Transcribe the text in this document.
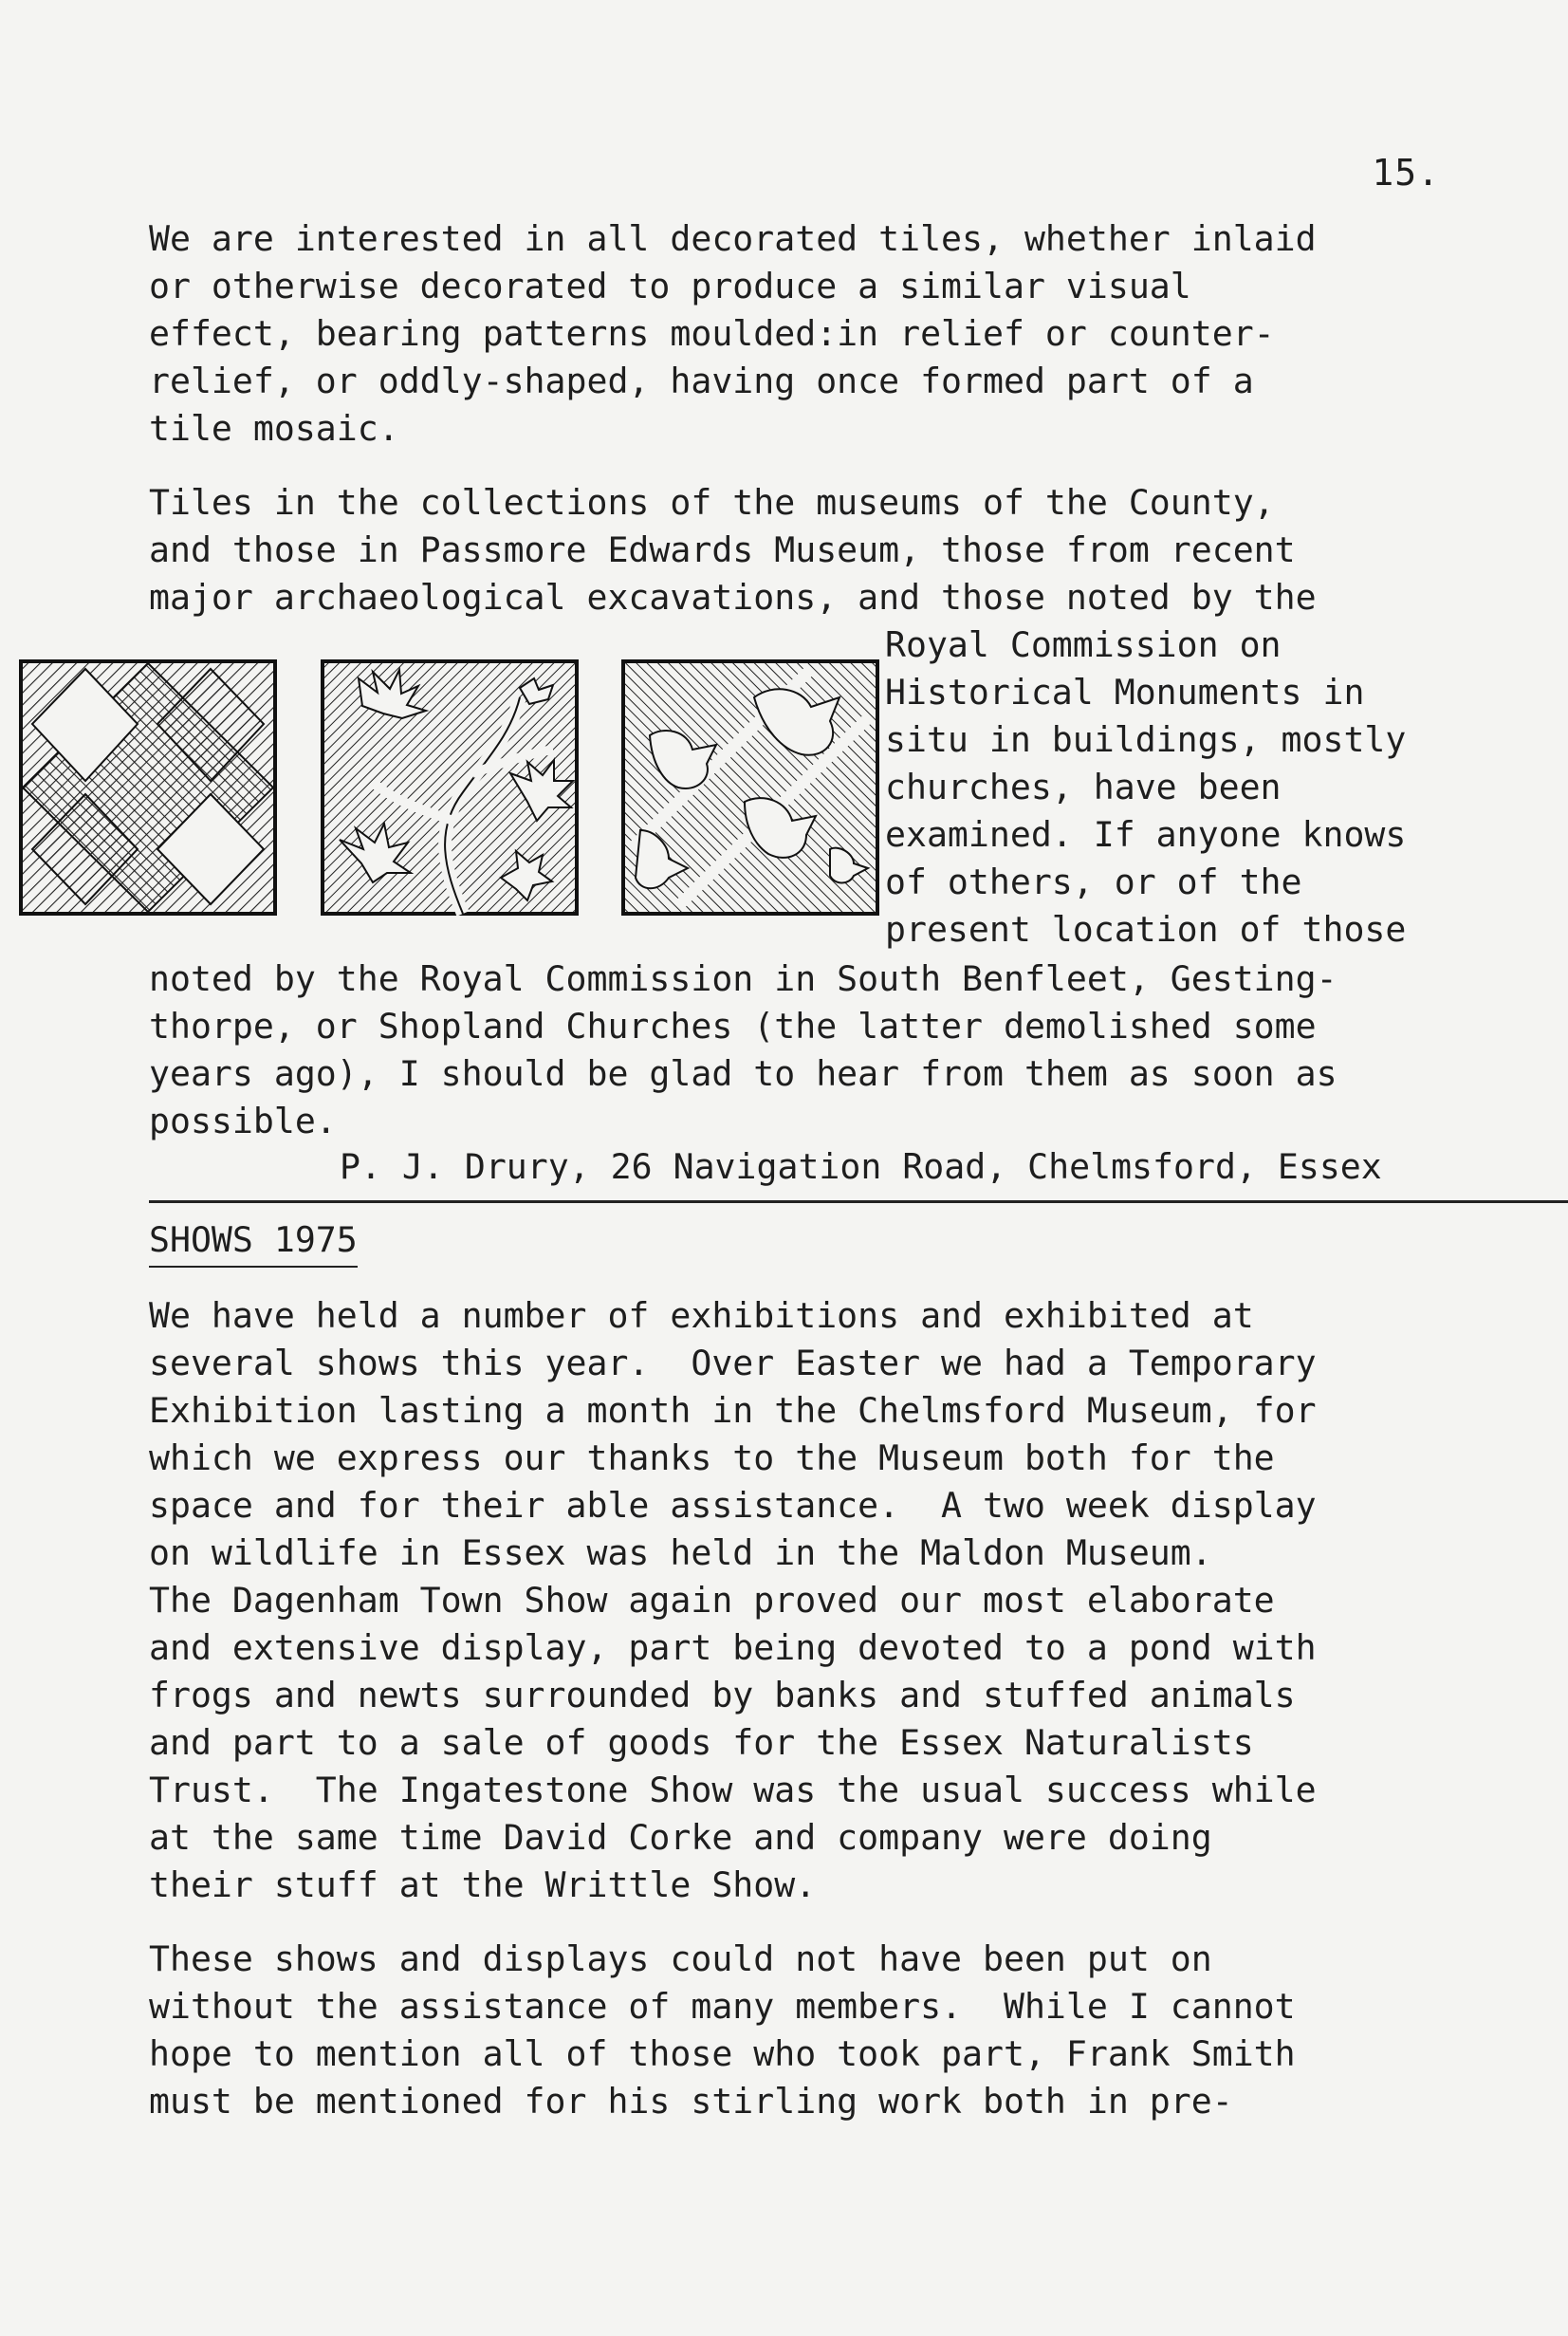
15.
We are interested in all decorated tiles, whether inlaid
or otherwise decorated to produce a similar visual
effect, bearing patterns moulded:in relief or counter-
relief, or oddly-shaped, having once formed part of a
tile mosaic.
Tiles in the collections of the museums of the County,
and those in Passmore Edwards Museum, those from recent
major archaeological excavations, and those noted by the
Royal Commission on
Historical Monuments in
situ in buildings, mostly
churches, have been
examined. If anyone knows
of others, or of the
present location of those
noted by the Royal Commission in South Benfleet, Gesting-
thorpe, or Shopland Churches (the latter demolished some
years ago), I should be glad to hear from them as soon as
possible.
P. J. Drury, 26 Navigation Road, Chelmsford, Essex
SHOWS 1975
We have held a number of exhibitions and exhibited at
several shows this year.  Over Easter we had a Temporary
Exhibition lasting a month in the Chelmsford Museum, for
which we express our thanks to the Museum both for the
space and for their able assistance.  A two week display
on wildlife in Essex was held in the Maldon Museum.
The Dagenham Town Show again proved our most elaborate
and extensive display, part being devoted to a pond with
frogs and newts surrounded by banks and stuffed animals
and part to a sale of goods for the Essex Naturalists
Trust.  The Ingatestone Show was the usual success while
at the same time David Corke and company were doing
their stuff at the Writtle Show.
These shows and displays could not have been put on
without the assistance of many members.  While I cannot
hope to mention all of those who took part, Frank Smith
must be mentioned for his stirling work both in pre-
